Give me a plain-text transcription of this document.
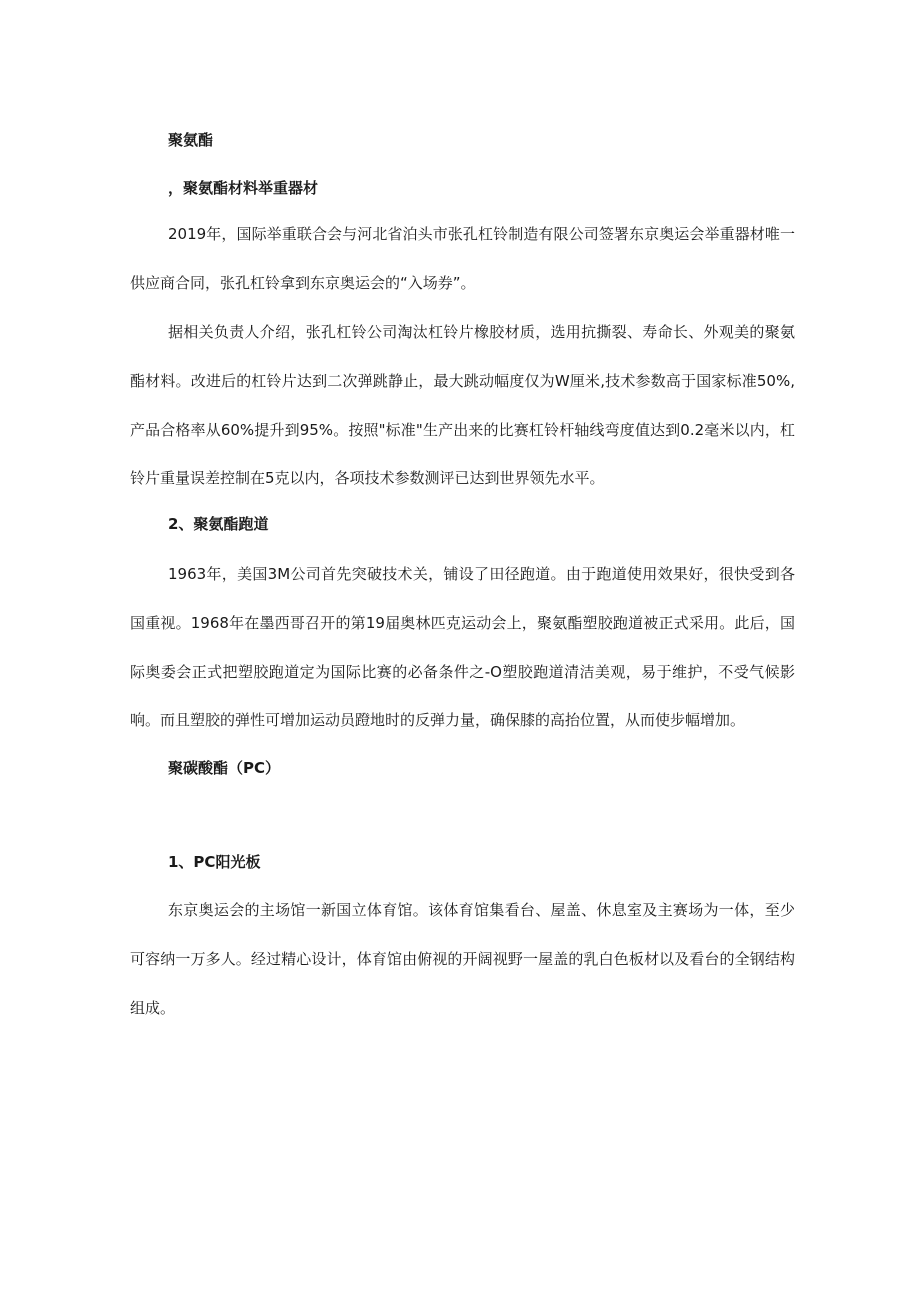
聚氨酯
，聚氨酯材料举重器材

2019年，国际举重联合会与河北省泊头市张孔杠铃制造有限公司签署东京奥运会举重器材唯一供应商合同，张孔杠铃拿到东京奥运会的“入场券”。

据相关负责人介绍，张孔杠铃公司淘汰杠铃片橡胶材质，选用抗撕裂、寿命长、外观美的聚氨酯材料。改进后的杠铃片达到二次弹跳静止，最大跳动幅度仅为W厘米,技术参数高于国家标准50%,产品合格率从60%提升到95%。按照"标准"生产出来的比赛杠铃杆轴线弯度值达到0.2毫米以内，杠铃片重量误差控制在5克以内，各项技术参数测评已达到世界领先水平。

2、聚氨酯跑道

1963年，美国3M公司首先突破技术关，铺设了田径跑道。由于跑道使用效果好，很快受到各国重视。1968年在墨西哥召开的第19届奥林匹克运动会上，聚氨酯塑胶跑道被正式采用。此后，国际奥委会正式把塑胶跑道定为国际比赛的必备条件之-O塑胶跑道清洁美观，易于维护，不受气候影响。而且塑胶的弹性可增加运动员蹬地时的反弹力量，确保膝的高抬位置，从而使步幅增加。

聚碳酸酯（PC）
1、PC阳光板

东京奥运会的主场馆一新国立体育馆。该体育馆集看台、屋盖、休息室及主赛场为一体，至少可容纳一万多人。经过精心设计，体育馆由俯视的开阔视野一屋盖的乳白色板材以及看台的全钢结构组成。
